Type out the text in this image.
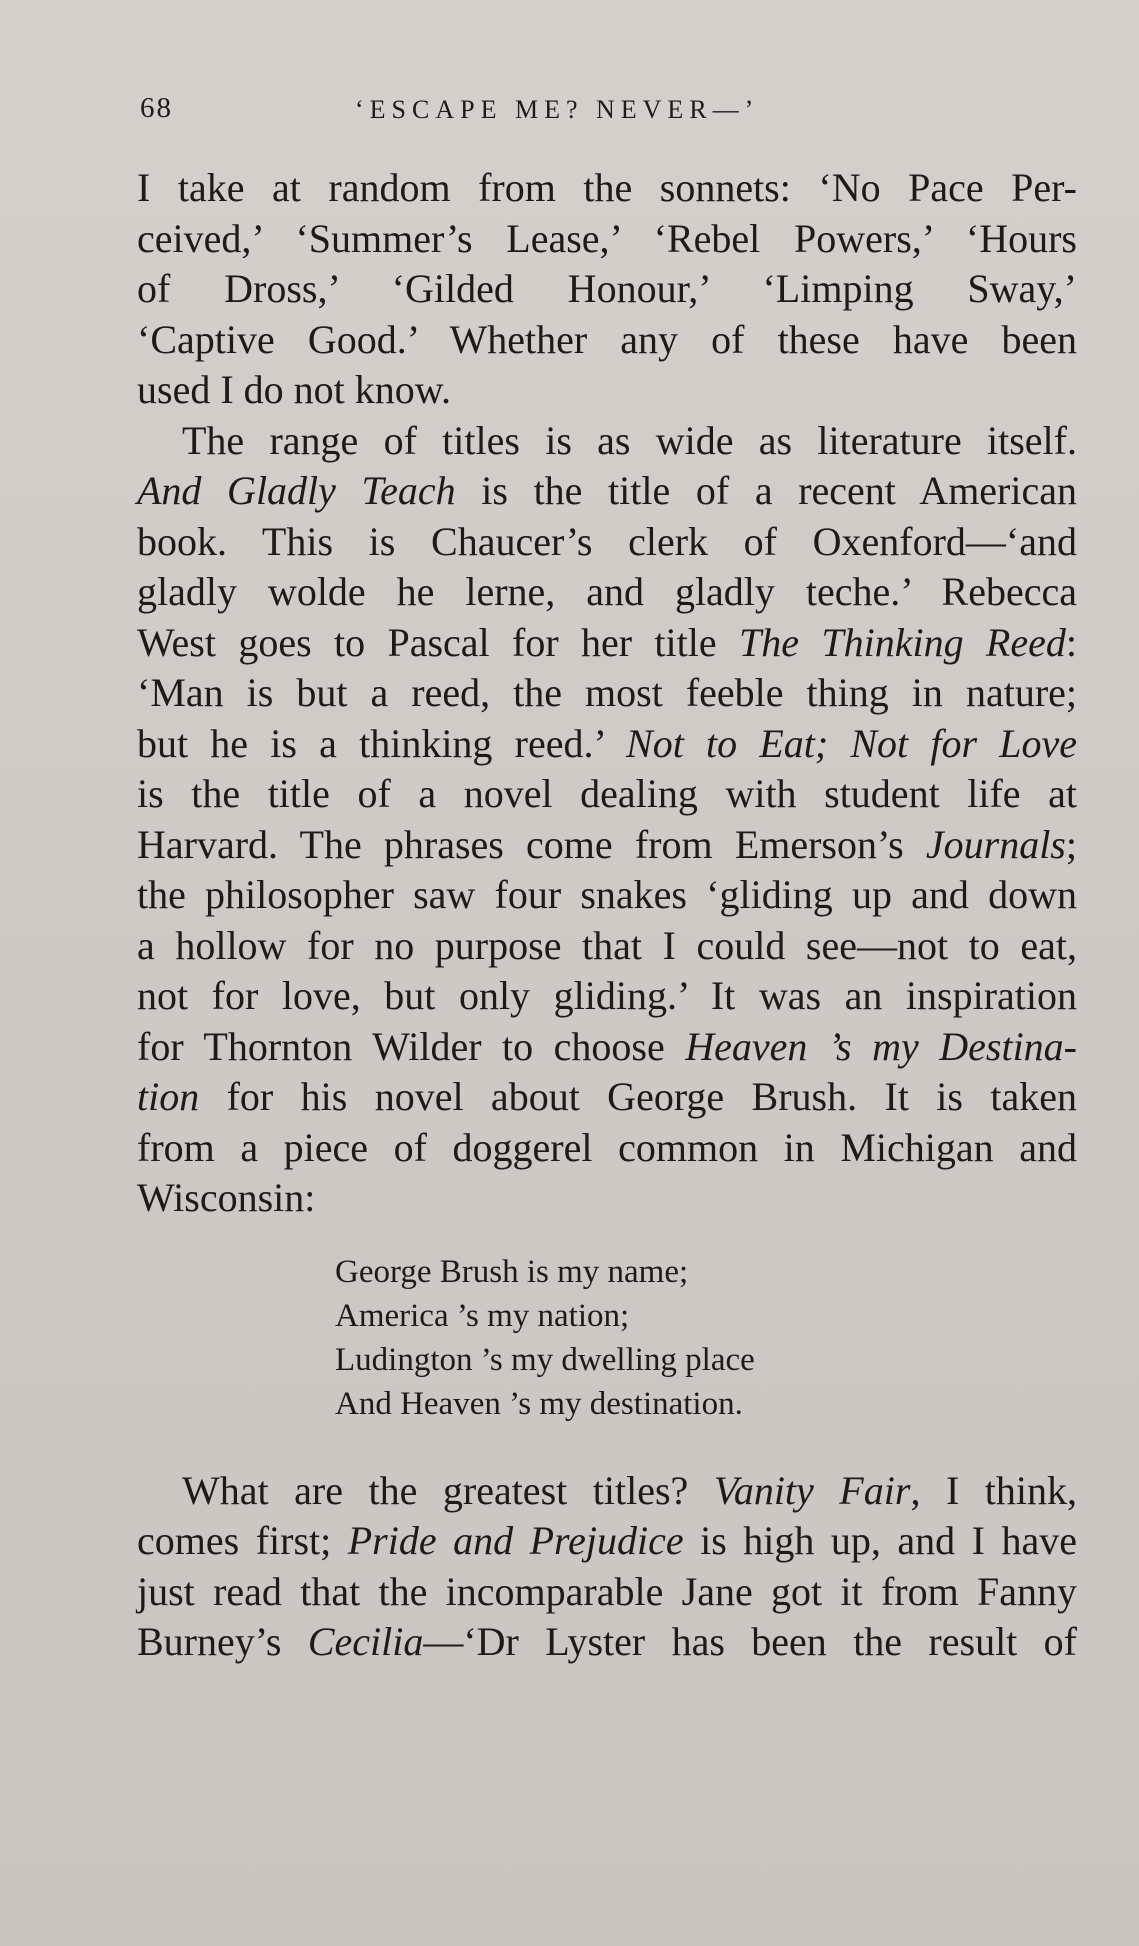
68	‘ESCAPE ME? NEVER—’

I take at random from the sonnets: ‘No Pace Per-
ceived,’ ‘Summer’s Lease,’ ‘Rebel Powers,’ ‘Hours
of Dross,’ ‘Gilded Honour,’ ‘Limping Sway,’
‘Captive Good.’ Whether any of these have been
used I do not know.

The range of titles is as wide as literature itself.
And Gladly Teach is the title of a recent American
book. This is Chaucer’s clerk of Oxenford—‘and
gladly wolde he lerne, and gladly teche.’ Rebecca
West goes to Pascal for her title The Thinking Reed:
‘Man is but a reed, the most feeble thing in nature;
but he is a thinking reed.’ Not to Eat; Not for Love
is the title of a novel dealing with student life at
Harvard. The phrases come from Emerson’s Journals;
the philosopher saw four snakes ‘gliding up and down
a hollow for no purpose that I could see—not to eat,
not for love, but only gliding.’ It was an inspiration
for Thornton Wilder to choose Heaven ’s my Destina-
tion for his novel about George Brush. It is taken
from a piece of doggerel common in Michigan and
Wisconsin:

George Brush is my name;
America ’s my nation;
Ludington ’s my dwelling place
And Heaven ’s my destination.

What are the greatest titles? Vanity Fair, I think,
comes first; Pride and Prejudice is high up, and I have
just read that the incomparable Jane got it from Fanny
Burney’s Cecilia—‘Dr Lyster has been the result of
